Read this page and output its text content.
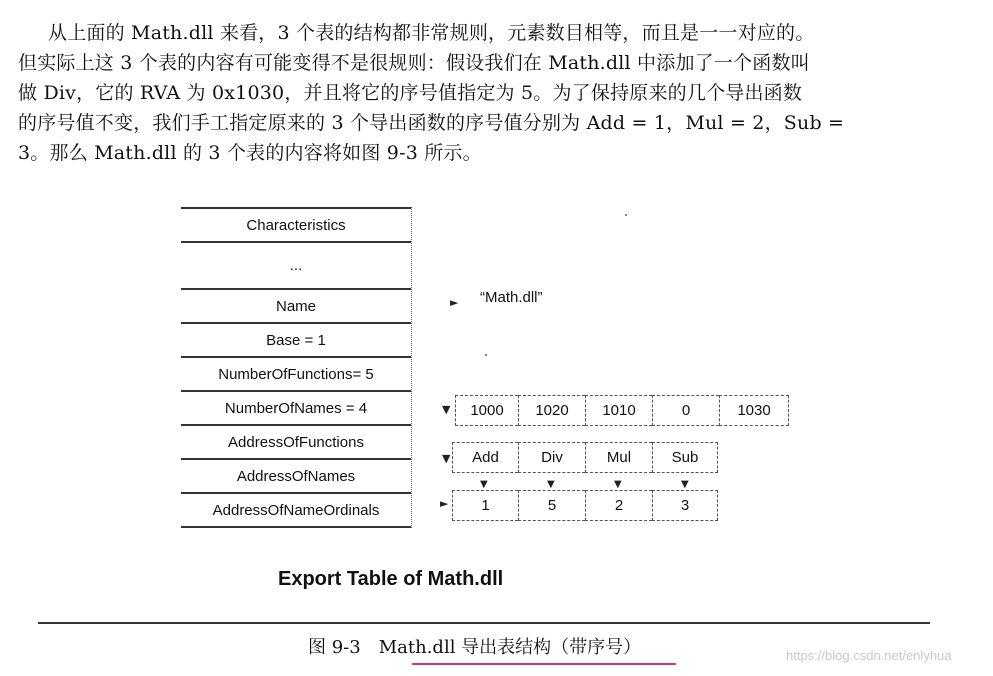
从上面的 Math.dll 来看，3 个表的结构都非常规则，元素数目相等，而且是一一对应的。
但实际上这 3 个表的内容有可能变得不是很规则：假设我们在 Math.dll 中添加了一个函数叫
做 Div，它的 RVA 为 0x1030，并且将它的序号值指定为 5。为了保持原来的几个导出函数
的序号值不变，我们手工指定原来的 3 个导出函数的序号值分别为 Add = 1，Mul = 2，Sub =
3。那么 Math.dll 的 3 个表的内容将如图 9-3 所示。
Characteristics
...
Name
Base = 1
NumberOfFunctions= 5
NumberOfNames = 4
AddressOfFunctions
AddressOfNames
AddressOfNameOrdinals
► “Math.dll”
▼	1000	1020	1010	0	1030
▼	Add	Div	Mul	Sub
▼	▼	▼	▼
►	1	5	2	3
Export Table of Math.dll
图 9-3 Math.dll 导出表结构（带序号）	https://blog.csdn.net/enlyhua
